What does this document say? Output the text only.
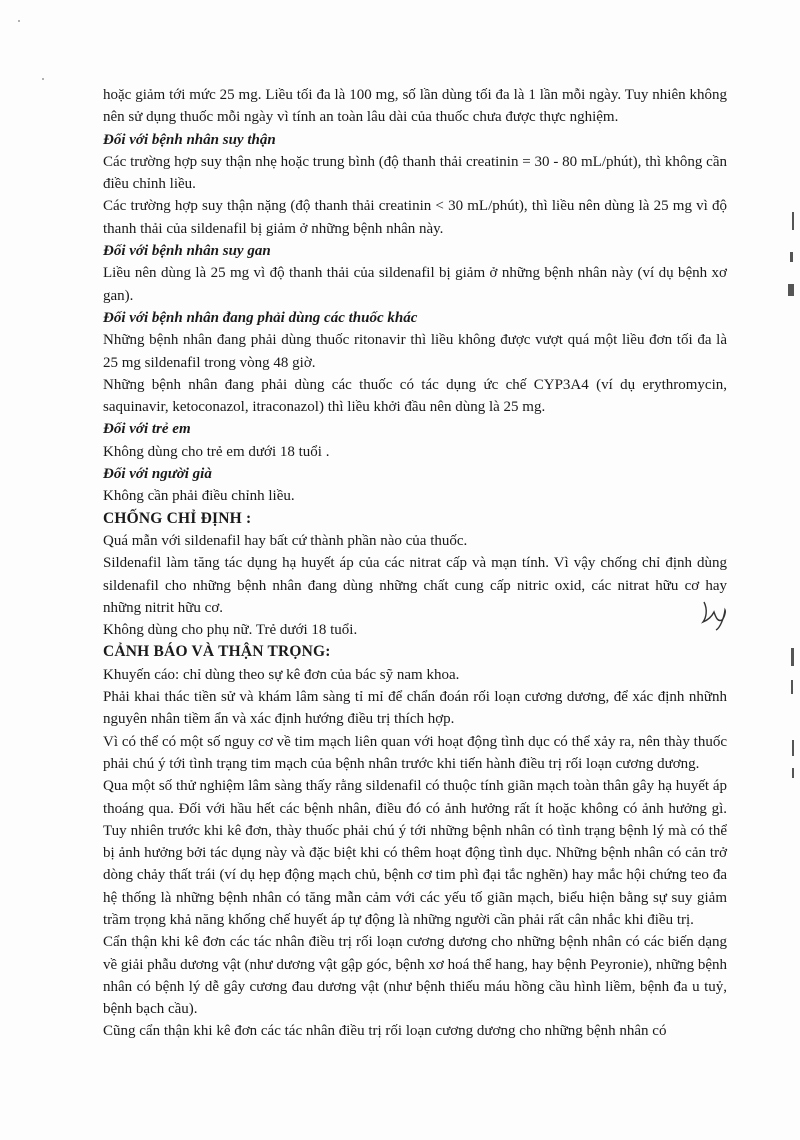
hoặc giảm tới mức 25 mg. Liều tối đa là 100 mg, số lần dùng tối đa là 1 lần mỗi ngày. Tuy nhiên không nên sử dụng thuốc mỗi ngày vì tính an toàn lâu dài của thuốc chưa được thực nghiệm.

Đối với bệnh nhân suy thận

Các trường hợp suy thận nhẹ hoặc trung bình (độ thanh thải creatinin = 30 - 80 mL/phút), thì không cần điều chỉnh liều.

Các trường hợp suy thận nặng (độ thanh thải creatinin < 30 mL/phút), thì liều nên dùng là 25 mg vì độ thanh thải của sildenafil bị giảm ở những bệnh nhân này.

Đối với bệnh nhân suy gan

Liều nên dùng là 25 mg vì độ thanh thải của sildenafil bị giảm ở những bệnh nhân này (ví dụ bệnh xơ gan).

Đối với bệnh nhân đang phải dùng các thuốc khác

Những bệnh nhân đang phải dùng thuốc ritonavir thì liều không được vượt quá một liều đơn tối đa là 25 mg sildenafil trong vòng 48 giờ.

Những bệnh nhân đang phải dùng các thuốc có tác dụng ức chế CYP3A4 (ví dụ erythromycin, saquinavir, ketoconazol, itraconazol) thì liều khởi đầu nên dùng là 25 mg.

Đối với trẻ em

Không dùng cho trẻ em dưới 18 tuổi .

Đối với người già

Không cần phải điều chỉnh liều.

CHỐNG CHỈ ĐỊNH :

Quá mẫn với sildenafil hay bất cứ thành phần nào của thuốc.

Sildenafil làm tăng tác dụng hạ huyết áp của các nitrat cấp và mạn tính. Vì vậy chống chỉ định dùng sildenafil cho những bệnh nhân đang dùng những chất cung cấp nitric oxid, các nitrat hữu cơ hay những nitrit hữu cơ.

Không dùng cho phụ nữ. Trẻ dưới 18 tuổi.

CẢNH BÁO VÀ THẬN TRỌNG:

Khuyến cáo: chỉ dùng theo sự kê đơn của bác sỹ nam khoa.

Phải khai thác tiền sử và khám lâm sàng tỉ mỉ để chẩn đoán rối loạn cương dương, để xác định nhữnh nguyên nhân tiềm ẩn và xác định hướng điều trị thích hợp.

Vì có thể có một số nguy cơ về tim mạch liên quan với hoạt động tình dục có thể xảy ra, nên thày thuốc phải chú ý tới tình trạng tim mạch của bệnh nhân trước khi tiến hành điều trị rối loạn cương dương.

Qua một số thử nghiệm lâm sàng thấy rằng sildenafil có thuộc tính giãn mạch toàn thân gây hạ huyết áp thoáng qua. Đối với hầu hết các bệnh nhân, điều đó có ảnh hưởng rất ít hoặc không có ảnh hưởng gì. Tuy nhiên trước khi kê đơn, thày thuốc phải chú ý tới những bệnh nhân có tình trạng bệnh lý mà có thể bị ảnh hưởng bởi tác dụng này và đặc biệt khi có thêm hoạt động tình dục. Những bệnh nhân có cản trở dòng chảy thất trái (ví dụ hẹp động mạch chủ, bệnh cơ tim phì đại tắc nghẽn) hay mắc hội chứng teo đa hệ thống là những bệnh nhân có tăng mẫn cảm với các yếu tố giãn mạch, biểu hiện bằng sự suy giảm trầm trọng khả năng khống chế huyết áp tự động là những người cần phải rất cân nhắc khi điều trị.

Cẩn thận khi kê đơn các tác nhân điều trị rối loạn cương dương cho những bệnh nhân có các biến dạng về giải phẫu dương vật (như dương vật gập góc, bệnh xơ hoá thể hang, hay bệnh Peyronie), những bệnh nhân có bệnh lý dễ gây cương đau dương vật (như bệnh thiếu máu hồng cầu hình liềm, bệnh đa u tuỷ, bệnh bạch cầu).

Cũng cẩn thận khi kê đơn các tác nhân điều trị rối loạn cương dương cho những bệnh nhân có
